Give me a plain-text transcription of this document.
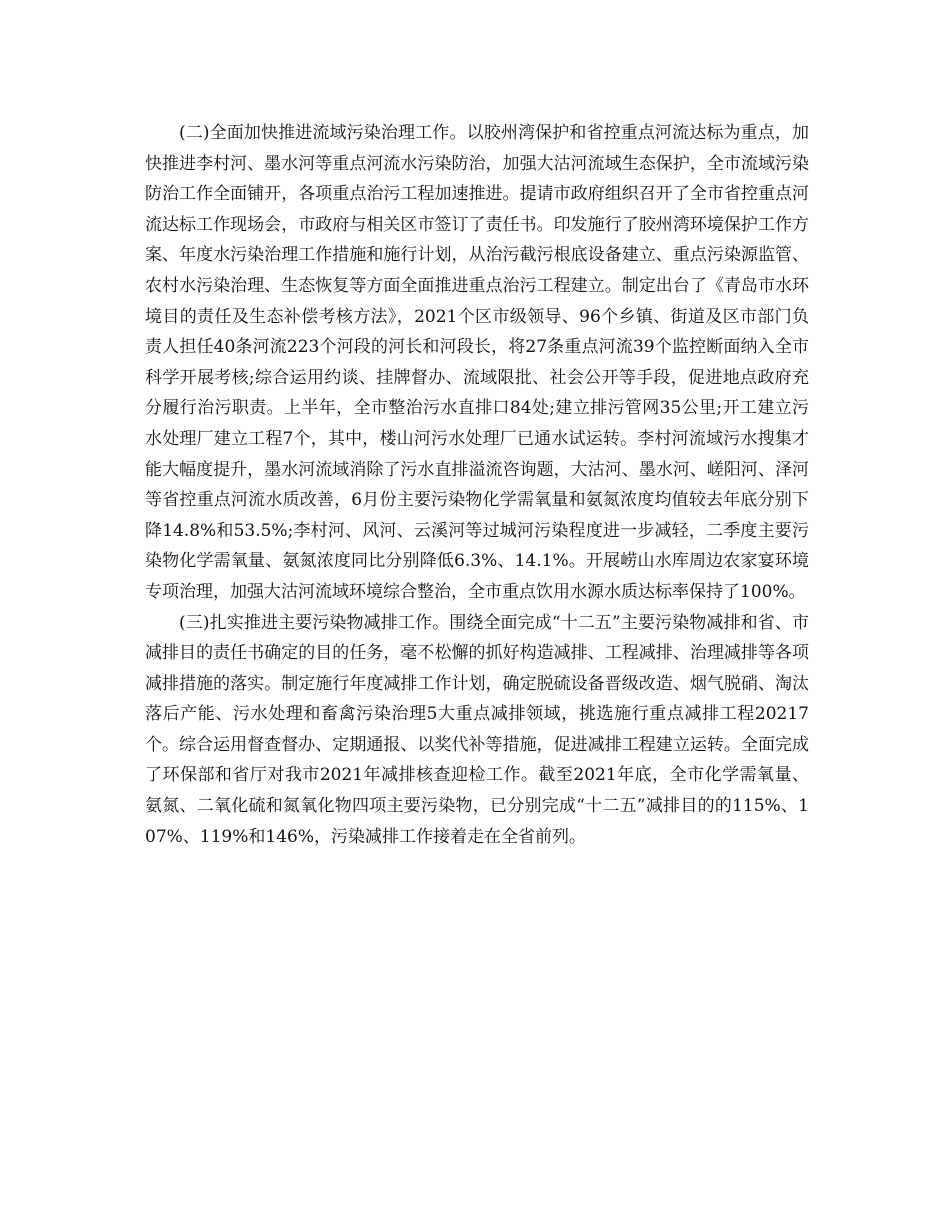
(二)全面加快推进流域污染治理工作。以胶州湾保护和省控重点河流达标为重点，加快推进李村河、墨水河等重点河流水污染防治，加强大沽河流域生态保护，全市流域污染防治工作全面铺开，各项重点治污工程加速推进。提请市政府组织召开了全市省控重点河流达标工作现场会，市政府与相关区市签订了责任书。印发施行了胶州湾环境保护工作方案、年度水污染治理工作措施和施行计划，从治污截污根底设备建立、重点污染源监管、农村水污染治理、生态恢复等方面全面推进重点治污工程建立。制定出台了《青岛市水环境目的责任及生态补偿考核方法》，2021个区市级领导、96个乡镇、街道及区市部门负责人担任40条河流223个河段的河长和河段长，将27条重点河流39个监控断面纳入全市科学开展考核;综合运用约谈、挂牌督办、流域限批、社会公开等手段，促进地点政府充分履行治污职责。上半年，全市整治污水直排口84处;建立排污管网35公里;开工建立污水处理厂建立工程7个，其中，楼山河污水处理厂已通水试运转。李村河流域污水搜集才能大幅度提升，墨水河流域消除了污水直排溢流咨询题，大沽河、墨水河、嵯阳河、泽河等省控重点河流水质改善，6月份主要污染物化学需氧量和氨氮浓度均值较去年底分别下降14.8%和53.5%;李村河、风河、云溪河等过城河污染程度进一步减轻，二季度主要污染物化学需氧量、氨氮浓度同比分别降低6.3%、14.1%。开展崂山水库周边农家宴环境专项治理，加强大沽河流域环境综合整治，全市重点饮用水源水质达标率保持了100%。

(三)扎实推进主要污染物减排工作。围绕全面完成“十二五”主要污染物减排和省、市减排目的责任书确定的目的任务，毫不松懈的抓好构造减排、工程减排、治理减排等各项减排措施的落实。制定施行年度减排工作计划，确定脱硫设备晋级改造、烟气脱硝、淘汰落后产能、污水处理和畜禽污染治理5大重点减排领域，挑选施行重点减排工程20217个。综合运用督查督办、定期通报、以奖代补等措施，促进减排工程建立运转。全面完成了环保部和省厅对我市2021年减排核查迎检工作。截至2021年底，全市化学需氧量、氨氮、二氧化硫和氮氧化物四项主要污染物，已分别完成“十二五”减排目的的115%、107%、119%和146%，污染减排工作接着走在全省前列。
